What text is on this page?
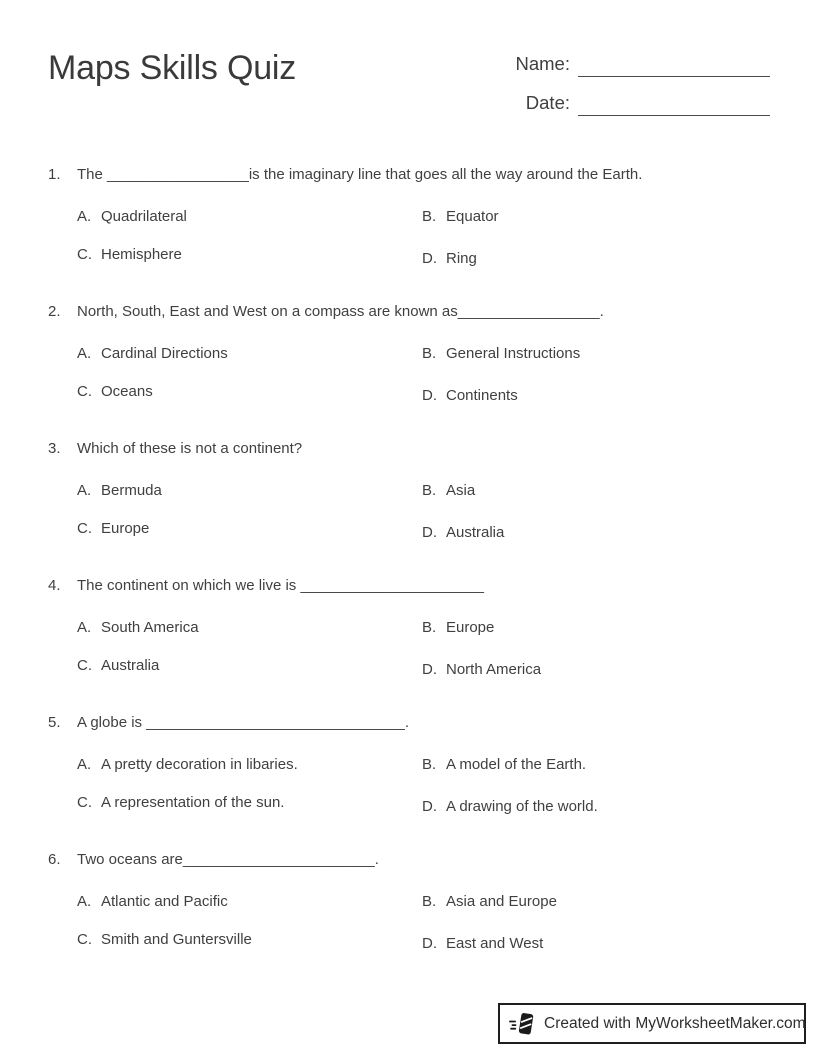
Maps Skills Quiz	Name:
Date:
1.	The _________________is the imaginary line that goes all the way around the Earth.
A. Quadrilateral	B. Equator
C. Hemisphere	D. Ring
2.	North, South, East and West on a compass are known as_________________.
A. Cardinal Directions	B. General Instructions
C. Oceans	D. Continents
3.	Which of these is not a continent?
A. Bermuda	B. Asia
C. Europe	D. Australia
4.	The continent on which we live is ______________________
A. South America	B. Europe
C. Australia	D. North America
5.	A globe is _______________________________.
A. A pretty decoration in libaries.	B. A model of the Earth.
C. A representation of the sun.	D. A drawing of the world.
6.	Two oceans are_______________________.
A. Atlantic and Pacific	B. Asia and Europe
C. Smith and Guntersville	D. East and West
Created with MyWorksheetMaker.com
